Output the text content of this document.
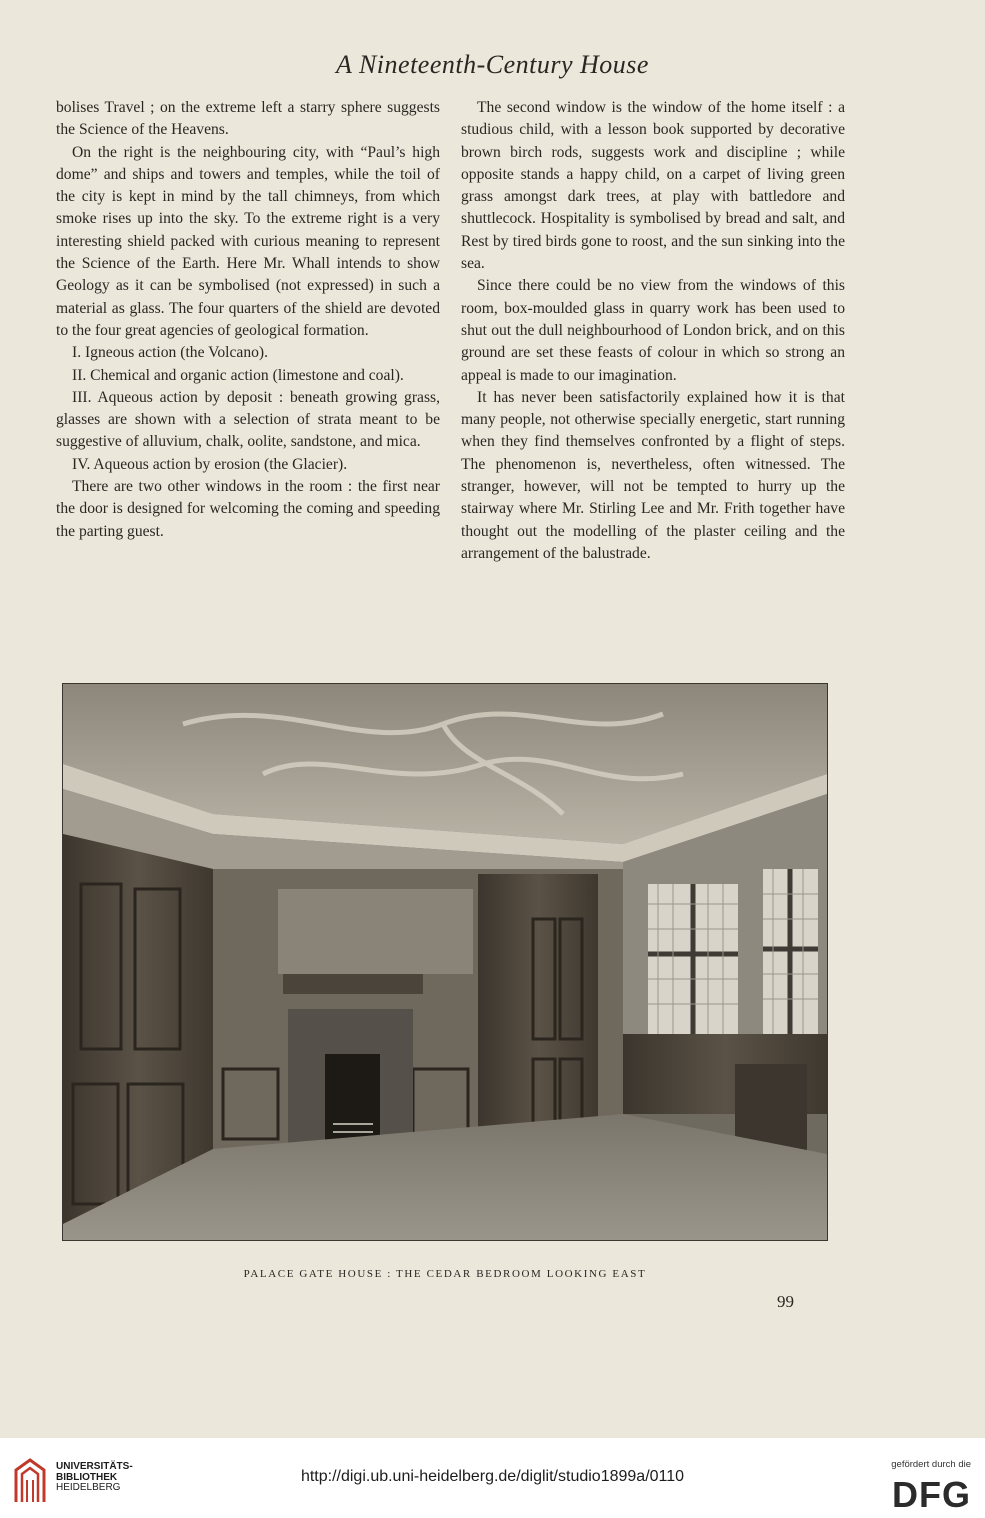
A Nineteenth-Century House

bolises Travel ; on the extreme left a starry sphere suggests the Science of the Heavens.

On the right is the neighbouring city, with “Paul’s high dome” and ships and towers and temples, while the toil of the city is kept in mind by the tall chimneys, from which smoke rises up into the sky. To the extreme right is a very interesting shield packed with curious meaning to represent the Science of the Earth. Here Mr. Whall intends to show Geology as it can be symbolised (not expressed) in such a material as glass. The four quarters of the shield are devoted to the four great agencies of geological formation.

I. Igneous action (the Volcano).

II. Chemical and organic action (limestone and coal).

III. Aqueous action by deposit : beneath growing grass, glasses are shown with a selection of strata meant to be suggestive of alluvium, chalk, oolite, sandstone, and mica.

IV. Aqueous action by erosion (the Glacier).

There are two other windows in the room : the first near the door is designed for welcoming the coming and speeding the parting guest.

The second window is the window of the home itself : a studious child, with a lesson book supported by decorative brown birch rods, suggests work and discipline ; while opposite stands a happy child, on a carpet of living green grass amongst dark trees, at play with battledore and shuttlecock. Hospitality is symbolised by bread and salt, and Rest by tired birds gone to roost, and the sun sinking into the sea.

Since there could be no view from the windows of this room, box-moulded glass in quarry work has been used to shut out the dull neighbourhood of London brick, and on this ground are set these feasts of colour in which so strong an appeal is made to our imagination.

It has never been satisfactorily explained how it is that many people, not otherwise specially energetic, start running when they find themselves confronted by a flight of steps. The phenomenon is, nevertheless, often witnessed. The stranger, however, will not be tempted to hurry up the stairway where Mr. Stirling Lee and Mr. Frith together have thought out the modelling of the plaster ceiling and the arrangement of the balustrade.

PALACE GATE HOUSE : THE CEDAR BEDROOM LOOKING EAST
99
UNIVERSITÄTS-
BIBLIOTHEK
HEIDELBERG
http://digi.ub.uni-heidelberg.de/diglit/studio1899a/0110
gefördert durch die
DFG
